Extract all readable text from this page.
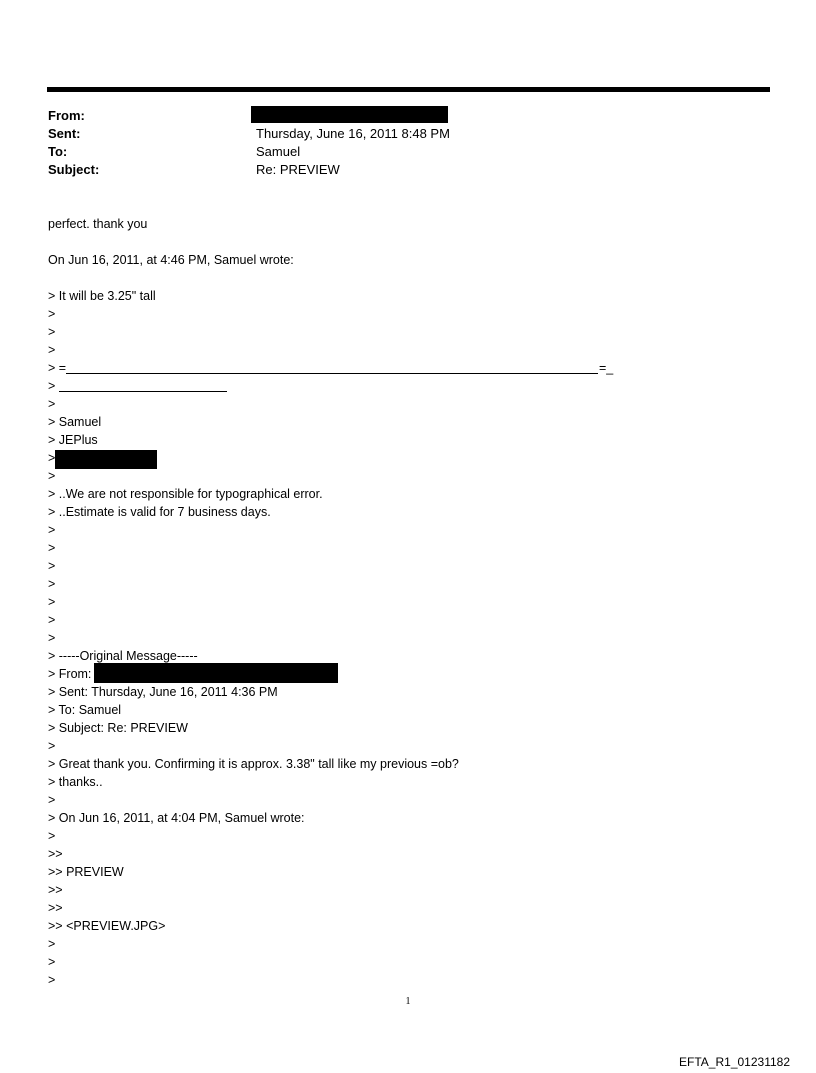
From:
Sent:	Thursday, June 16, 2011 8:48 PM
To:	Samuel
Subject:	Re: PREVIEW
perfect. thank you
On Jun 16, 2011, at 4:46 PM, Samuel wrote:
> It will be 3.25" tall
>
>
>
> =	=_
>
>
> Samuel
> JEPlus
>
>
> ..We are not responsible for typographical error.
> ..Estimate is valid for 7 business days.
>
>
>
>
>
>
>
> -----Original Message-----
> From:
> Sent: Thursday, June 16, 2011 4:36 PM
> To: Samuel
> Subject: Re: PREVIEW
>
> Great thank you. Confirming it is approx. 3.38" tall like my previous =ob?
> thanks..
>
> On Jun 16, 2011, at 4:04 PM, Samuel wrote:
>
>>
>> PREVIEW
>>
>>
>> <PREVIEW.JPG>
>
>
>
1
EFTA_R1_01231182
